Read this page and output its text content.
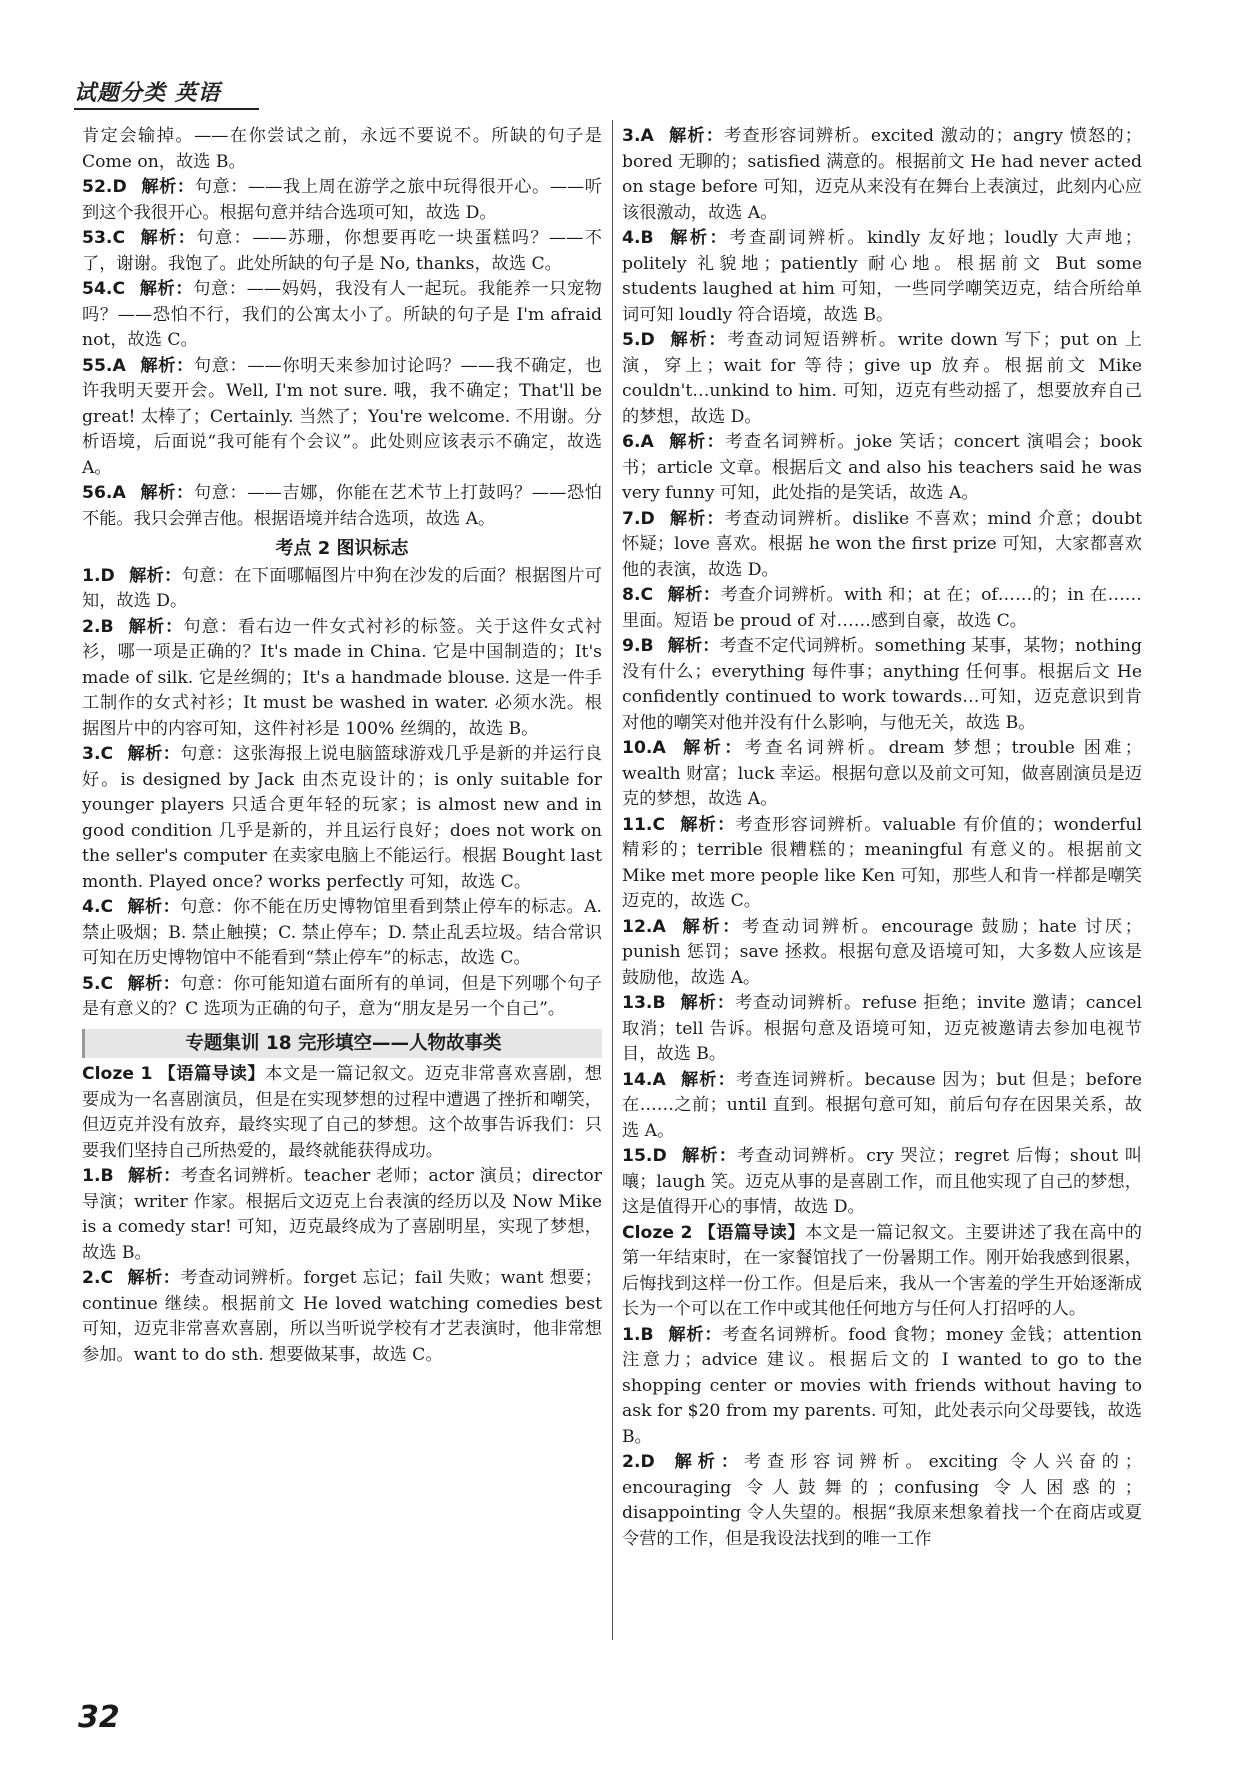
试题分类 英语

肯定会输掉。——在你尝试之前，永远不要说不。所缺的句子是 Come on，故选 B。

52.D 解析：句意：——我上周在游学之旅中玩得很开心。——听到这个我很开心。根据句意并结合选项可知，故选 D。

53.C 解析：句意：——苏珊，你想要再吃一块蛋糕吗？——不了，谢谢。我饱了。此处所缺的句子是 No, thanks，故选 C。

54.C 解析：句意：——妈妈，我没有人一起玩。我能养一只宠物吗？——恐怕不行，我们的公寓太小了。所缺的句子是 I'm afraid not，故选 C。

55.A 解析：句意：——你明天来参加讨论吗？——我不确定，也许我明天要开会。Well, I'm not sure. 哦，我不确定；That'll be great! 太棒了；Certainly. 当然了；You're welcome. 不用谢。分析语境，后面说“我可能有个会议”。此处则应该表示不确定，故选 A。

56.A 解析：句意：——吉娜，你能在艺术节上打鼓吗？——恐怕不能。我只会弹吉他。根据语境并结合选项，故选 A。

考点 2 图识标志

1.D 解析：句意：在下面哪幅图片中狗在沙发的后面？根据图片可知，故选 D。

2.B 解析：句意：看右边一件女式衬衫的标签。关于这件女式衬衫，哪一项是正确的？It's made in China. 它是中国制造的；It's made of silk. 它是丝绸的；It's a handmade blouse. 这是一件手工制作的女式衬衫；It must be washed in water. 必须水洗。根据图片中的内容可知，这件衬衫是 100% 丝绸的，故选 B。

3.C 解析：句意：这张海报上说电脑篮球游戏几乎是新的并运行良好。is designed by Jack 由杰克设计的；is only suitable for younger players 只适合更年轻的玩家；is almost new and in good condition 几乎是新的，并且运行良好；does not work on the seller's computer 在卖家电脑上不能运行。根据 Bought last month. Played once? works perfectly 可知，故选 C。

4.C 解析：句意：你不能在历史博物馆里看到禁止停车的标志。A. 禁止吸烟；B. 禁止触摸；C. 禁止停车；D. 禁止乱丢垃圾。结合常识可知在历史博物馆中不能看到“禁止停车”的标志，故选 C。

5.C 解析：句意：你可能知道右面所有的单词，但是下列哪个句子是有意义的？C 选项为正确的句子，意为“朋友是另一个自己”。

专题集训 18 完形填空——人物故事类

Cloze 1 【语篇导读】本文是一篇记叙文。迈克非常喜欢喜剧，想要成为一名喜剧演员，但是在实现梦想的过程中遭遇了挫折和嘲笑，但迈克并没有放弃，最终实现了自己的梦想。这个故事告诉我们：只要我们坚持自己所热爱的，最终就能获得成功。

1.B 解析：考查名词辨析。teacher 老师；actor 演员；director 导演；writer 作家。根据后文迈克上台表演的经历以及 Now Mike is a comedy star! 可知，迈克最终成为了喜剧明星，实现了梦想，故选 B。

2.C 解析：考查动词辨析。forget 忘记；fail 失败；want 想要；continue 继续。根据前文 He loved watching comedies best 可知，迈克非常喜欢喜剧，所以当听说学校有才艺表演时，他非常想参加。want to do sth. 想要做某事，故选 C。

3.A 解析：考查形容词辨析。excited 激动的；angry 愤怒的；bored 无聊的；satisfied 满意的。根据前文 He had never acted on stage before 可知，迈克从来没有在舞台上表演过，此刻内心应该很激动，故选 A。

4.B 解析：考查副词辨析。kindly 友好地；loudly 大声地；politely 礼貌地；patiently 耐心地。根据前文 But some students laughed at him 可知，一些同学嘲笑迈克，结合所给单词可知 loudly 符合语境，故选 B。

5.D 解析：考查动词短语辨析。write down 写下；put on 上演，穿上；wait for 等待；give up 放弃。根据前文 Mike couldn't…unkind to him. 可知，迈克有些动摇了，想要放弃自己的梦想，故选 D。

6.A 解析：考查名词辨析。joke 笑话；concert 演唱会；book 书；article 文章。根据后文 and also his teachers said he was very funny 可知，此处指的是笑话，故选 A。

7.D 解析：考查动词辨析。dislike 不喜欢；mind 介意；doubt 怀疑；love 喜欢。根据 he won the first prize 可知，大家都喜欢他的表演，故选 D。

8.C 解析：考查介词辨析。with 和；at 在；of……的；in 在……里面。短语 be proud of 对……感到自豪，故选 C。

9.B 解析：考查不定代词辨析。something 某事，某物；nothing 没有什么；everything 每件事；anything 任何事。根据后文 He confidently continued to work towards…可知，迈克意识到肯对他的嘲笑对他并没有什么影响，与他无关，故选 B。

10.A 解析：考查名词辨析。dream 梦想；trouble 困难；wealth 财富；luck 幸运。根据句意以及前文可知，做喜剧演员是迈克的梦想，故选 A。

11.C 解析：考查形容词辨析。valuable 有价值的；wonderful 精彩的；terrible 很糟糕的；meaningful 有意义的。根据前文 Mike met more people like Ken 可知，那些人和肯一样都是嘲笑迈克的，故选 C。

12.A 解析：考查动词辨析。encourage 鼓励；hate 讨厌；punish 惩罚；save 拯救。根据句意及语境可知，大多数人应该是鼓励他，故选 A。

13.B 解析：考查动词辨析。refuse 拒绝；invite 邀请；cancel 取消；tell 告诉。根据句意及语境可知，迈克被邀请去参加电视节目，故选 B。

14.A 解析：考查连词辨析。because 因为；but 但是；before 在……之前；until 直到。根据句意可知，前后句存在因果关系，故选 A。

15.D 解析：考查动词辨析。cry 哭泣；regret 后悔；shout 叫嚷；laugh 笑。迈克从事的是喜剧工作，而且他实现了自己的梦想，这是值得开心的事情，故选 D。

Cloze 2 【语篇导读】本文是一篇记叙文。主要讲述了我在高中的第一年结束时，在一家餐馆找了一份暑期工作。刚开始我感到很累，后悔找到这样一份工作。但是后来，我从一个害羞的学生开始逐渐成长为一个可以在工作中或其他任何地方与任何人打招呼的人。

1.B 解析：考查名词辨析。food 食物；money 金钱；attention 注意力；advice 建议。根据后文的 I wanted to go to the shopping center or movies with friends without having to ask for $20 from my parents. 可知，此处表示向父母要钱，故选 B。

2.D 解析：考查形容词辨析。exciting 令人兴奋的；encouraging 令人鼓舞的；confusing 令人困惑的；disappointing 令人失望的。根据“我原来想象着找一个在商店或夏令营的工作，但是我设法找到的唯一工作

32
